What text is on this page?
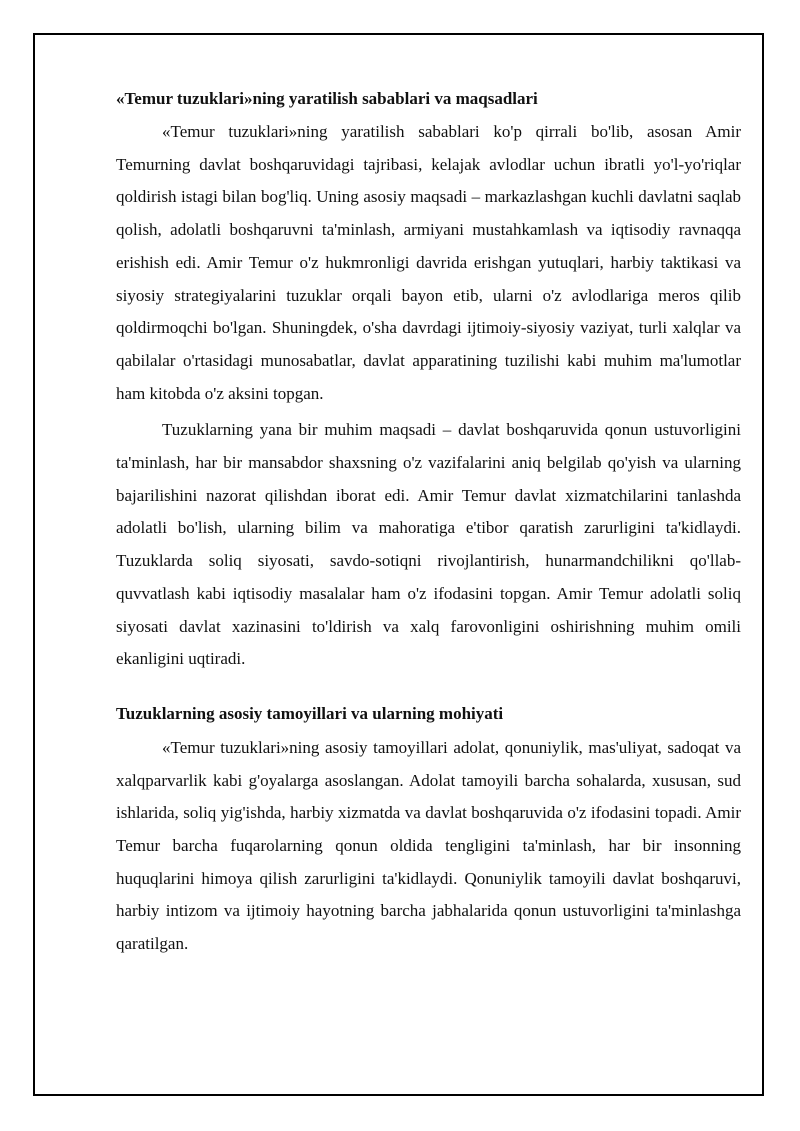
«Temur tuzuklari»ning yaratilish sabablari va maqsadlari

«Temur tuzuklari»ning yaratilish sabablari ko'p qirrali bo'lib, asosan Amir Temurning davlat boshqaruvidagi tajribasi, kelajak avlodlar uchun ibratli yo'l-yo'riqlar qoldirish istagi bilan bog'liq. Uning asosiy maqsadi – markazlashgan kuchli davlatni saqlab qolish, adolatli boshqaruvni ta'minlash, armiyani mustahkamlash va iqtisodiy ravnaqqa erishish edi. Amir Temur o'z hukmronligi davrida erishgan yutuqlari, harbiy taktikasi va siyosiy strategiyalarini tuzuklar orqali bayon etib, ularni o'z avlodlariga meros qilib qoldirmoqchi bo'lgan. Shuningdek, o'sha davrdagi ijtimoiy-siyosiy vaziyat, turli xalqlar va qabilalar o'rtasidagi munosabatlar, davlat apparatining tuzilishi kabi muhim ma'lumotlar ham kitobda o'z aksini topgan.

Tuzuklarning yana bir muhim maqsadi – davlat boshqaruvida qonun ustuvorligini ta'minlash, har bir mansabdor shaxsning o'z vazifalarini aniq belgilab qo'yish va ularning bajarilishini nazorat qilishdan iborat edi. Amir Temur davlat xizmatchilarini tanlashda adolatli bo'lish, ularning bilim va mahoratiga e'tibor qaratish zarurligini ta'kidlaydi. Tuzuklarda soliq siyosati, savdo-sotiqni rivojlantirish, hunarmandchilikni qo'llab-quvvatlash kabi iqtisodiy masalalar ham o'z ifodasini topgan. Amir Temur adolatli soliq siyosati davlat xazinasini to'ldirish va xalq farovonligini oshirishning muhim omili ekanligini uqtiradi.

Tuzuklarning asosiy tamoyillari va ularning mohiyati

«Temur tuzuklari»ning asosiy tamoyillari adolat, qonuniylik, mas'uliyat, sadoqat va xalqparvarlik kabi g'oyalarga asoslangan. Adolat tamoyili barcha sohalarda, xususan, sud ishlarida, soliq yig'ishda, harbiy xizmatda va davlat boshqaruvida o'z ifodasini topadi. Amir Temur barcha fuqarolarning qonun oldida tengligini ta'minlash, har bir insonning huquqlarini himoya qilish zarurligini ta'kidlaydi. Qonuniylik tamoyili davlat boshqaruvi, harbiy intizom va ijtimoiy hayotning barcha jabhalarida qonun ustuvorligini ta'minlashga qaratilgan.
